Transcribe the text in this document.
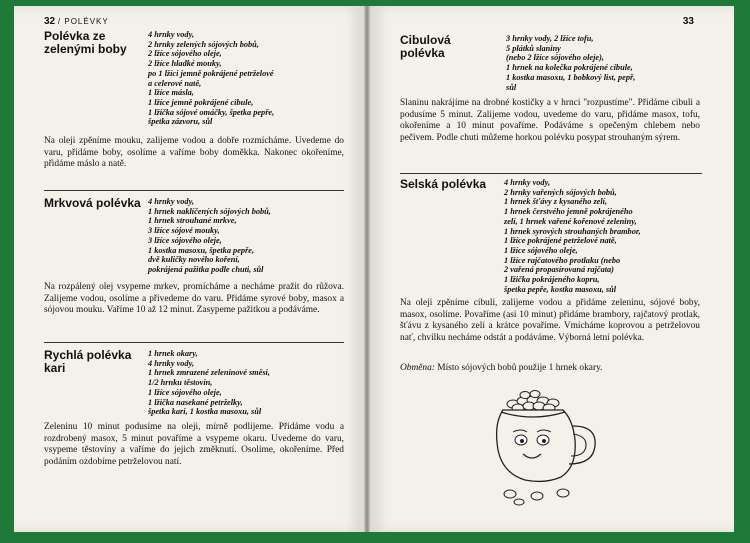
32 / POLÉVKY
Polévka ze zelenými boby
4 hrnky vody,
2 hrnky zelených sójových bobů,
2 lžíce sójového oleje,
2 lžíce hladké mouky,
po 1 lžíci jemně pokrájené petrželové
a celerové natě,
1 lžíce másla,
1 lžíce jemně pokrájené cibule,
1 lžička sójové omáčky, špetka pepře,
špetka zázvoru, sůl
Na oleji zpěníme mouku, zalijeme vodou a dobře rozmícháme. Uvedeme do varu, přidáme boby, osolíme a vaříme boby doměkka. Nakonec okořeníme, přidáme máslo a natě.
Mrkvová polévka 4 hrnky vody,
1 hrnek naklíčených sójových bobů,
1 hrnek strouhané mrkve,
3 lžíce sójové mouky,
3 lžíce sójového oleje,
1 kostka masoxu, špetka pepře,
dvě kuličky nového koření,
pokrájená pažitka podle chuti, sůl
Na rozpálený olej vsypeme mrkev, promícháme a necháme pražit do růžova. Zalijeme vodou, osolíme a přivedeme do varu. Přidáme syrové boby, masox a sójovou mouku. Vaříme 10 až 12 minut. Zasypeme pažitkou a podáváme.
Rychlá polévka kari
1 hrnek okary,
4 hrnky vody,
1 hrnek zmrazené zeleninové směsi,
1/2 hrnku těstovin,
1 lžíce sójového oleje,
1 lžička nasekané petrželky,
špetka kari, 1 kostka masoxu, sůl
Zeleninu 10 minut podusíme na oleji, mírně podlijeme. Přidáme vodu a rozdrobený masox, 5 minut povaříme a vsypeme okaru. Uvedeme do varu, vsypeme těstoviny a vaříme do jejich změknutí. Osolíme, okořeníme. Před podáním ozdobíme petrželovou natí.
33
Cibulová polévka
3 hrnky vody, 2 lžíce tofu,
5 plátků slaniny
(nebo 2 lžíce sójového oleje),
1 hrnek na kolečka pokrájené cibule,
1 kostka masoxu, 1 bobkový list, pepř,
sůl
Slaninu nakrájíme na drobné kostičky a v hrnci "rozpustíme". Přidáme cibuli a podusíme 5 minut. Zalijeme vodou, uvedeme do varu, přidáme masox, tofu, okořeníme a 10 minut povaříme. Podáváme s opečeným chlebem nebo pečivem. Podle chuti můžeme horkou polévku posypat strouhaným sýrem.
Selská polévka	4 hrnky vody,
2 hrnky vařených sójových bobů,
1 hrnek šťávy z kysaného zelí,
1 hrnek čerstvého jemně pokrájeného
zelí, 1 hrnek vařené kořenové zeleniny,
1 hrnek syrových strouhaných brambor,
1 lžíce pokrájené petrželové natě,
1 lžíce sójového oleje,
1 lžíce rajčatového protlaku (nebo
2 vařená propasírovaná rajčata)
1 lžička pokrájeného kopru,
špetka pepře, kostka masoxu, sůl
Na oleji zpěníme cibuli, zalijeme vodou a přidáme zeleninu, sójové boby, masox, osolíme. Povaříme (asi 10 minut) přidáme brambory, rajčatový protlak, šťávu z kysaného zelí a krátce povaříme. Vmícháme koprovou a petrželovou nať, chvilku necháme odstát a podáváme. Výborná letní polévka.
Obměna: Místo sójových bobů použije 1 hrnek okary.
